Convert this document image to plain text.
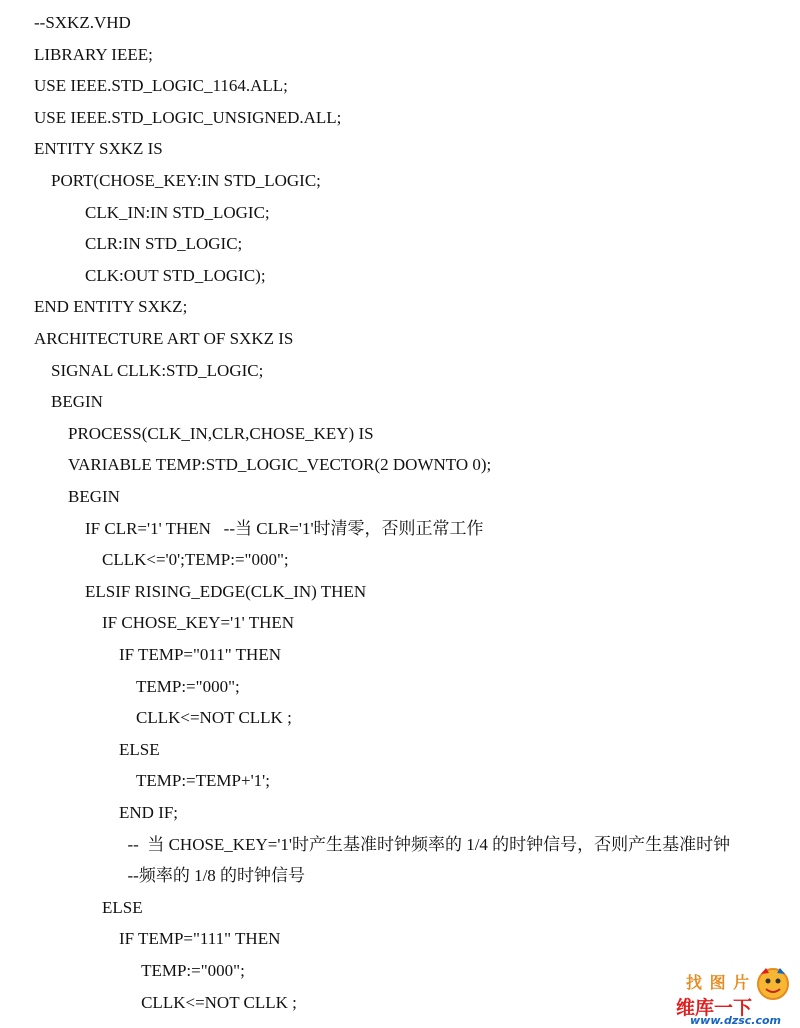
--SXKZ.VHD
LIBRARY IEEE;
USE IEEE.STD_LOGIC_1164.ALL;
USE IEEE.STD_LOGIC_UNSIGNED.ALL;
ENTITY SXKZ IS
PORT(CHOSE_KEY:IN STD_LOGIC;
CLK_IN:IN STD_LOGIC;
CLR:IN STD_LOGIC;
CLK:OUT STD_LOGIC);
END ENTITY SXKZ;
ARCHITECTURE ART OF SXKZ IS
SIGNAL CLLK:STD_LOGIC;
BEGIN
PROCESS(CLK_IN,CLR,CHOSE_KEY) IS
VARIABLE TEMP:STD_LOGIC_VECTOR(2 DOWNTO 0);
BEGIN
IF CLR='1' THEN   --当 CLR='1'时清零，否则正常工作
CLLK<='0';TEMP:="000";
ELSIF RISING_EDGE(CLK_IN) THEN
IF CHOSE_KEY='1' THEN
IF TEMP="011" THEN
TEMP:="000";
CLLK<=NOT CLLK ;
ELSE
TEMP:=TEMP+'1';
END IF;
--  当 CHOSE_KEY='1'时产生基准时钟频率的 1/4 的时钟信号，否则产生基准时钟
--频率的 1/8 的时钟信号
ELSE
IF TEMP="111" THEN
TEMP:="000";
CLLK<=NOT CLLK ;
找 图 片
维库一下
www.dzsc.com
